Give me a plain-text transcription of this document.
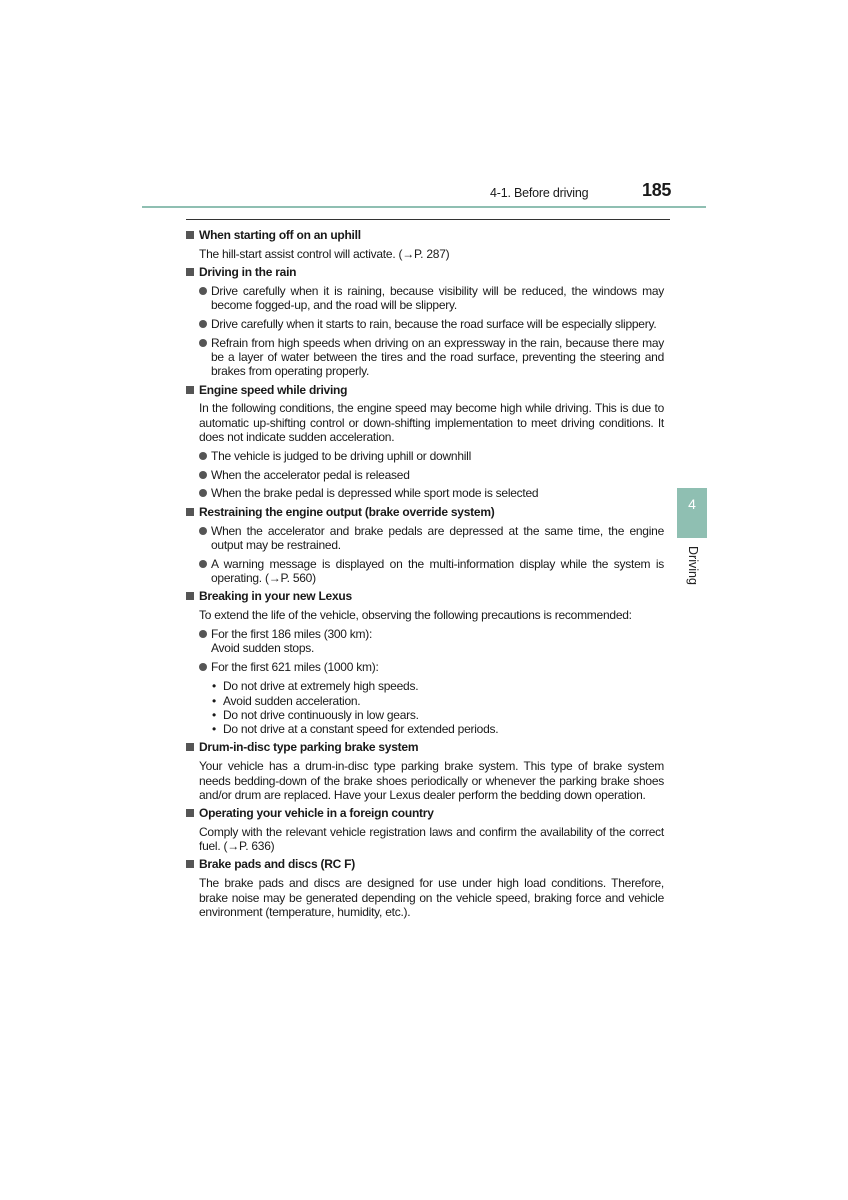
4-1. Before driving	185
4
Driving
When starting off on an uphill
The hill-start assist control will activate. (→P. 287)
Driving in the rain
Drive carefully when it is raining, because visibility will be reduced, the windows may become fogged-up, and the road will be slippery.
Drive carefully when it starts to rain, because the road surface will be especially slippery.
Refrain from high speeds when driving on an expressway in the rain, because there may be a layer of water between the tires and the road surface, preventing the steering and brakes from operating properly.
Engine speed while driving
In the following conditions, the engine speed may become high while driving. This is due to automatic up-shifting control or down-shifting implementation to meet driving conditions. It does not indicate sudden acceleration.
The vehicle is judged to be driving uphill or downhill
When the accelerator pedal is released
When the brake pedal is depressed while sport mode is selected
Restraining the engine output (brake override system)
When the accelerator and brake pedals are depressed at the same time, the engine output may be restrained.
A warning message is displayed on the multi-information display while the system is operating. (→P. 560)
Breaking in your new Lexus
To extend the life of the vehicle, observing the following precautions is recommended:
For the first 186 miles (300 km):
Avoid sudden stops.
For the first 621 miles (1000 km):
• Do not drive at extremely high speeds.
• Avoid sudden acceleration.
• Do not drive continuously in low gears.
• Do not drive at a constant speed for extended periods.
Drum-in-disc type parking brake system
Your vehicle has a drum-in-disc type parking brake system. This type of brake system needs bedding-down of the brake shoes periodically or whenever the parking brake shoes and/or drum are replaced. Have your Lexus dealer perform the bedding down operation.
Operating your vehicle in a foreign country
Comply with the relevant vehicle registration laws and confirm the availability of the correct fuel. (→P. 636)
Brake pads and discs (RC F)
The brake pads and discs are designed for use under high load conditions. Therefore, brake noise may be generated depending on the vehicle speed, braking force and vehicle environment (temperature, humidity, etc.).
